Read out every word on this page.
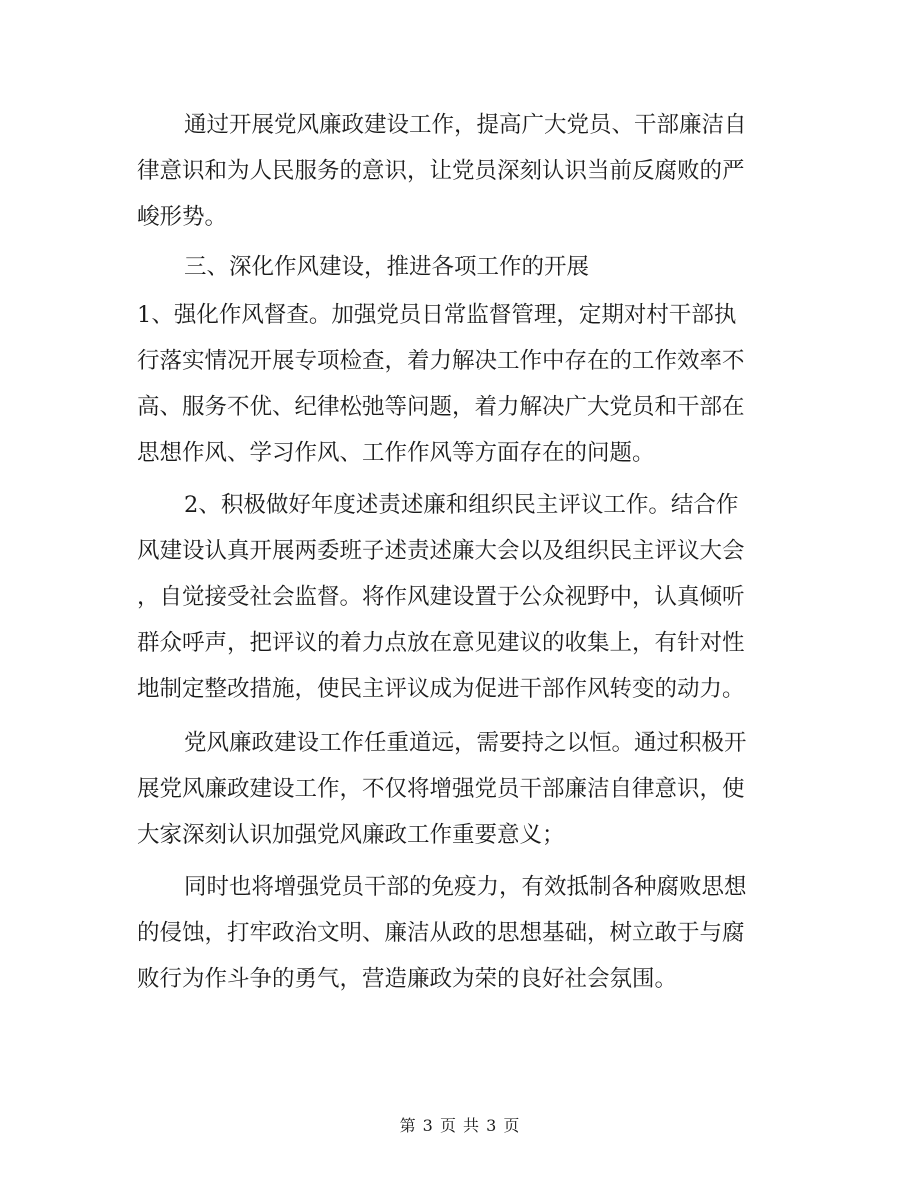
通过开展党风廉政建设工作，提高广大党员、干部廉洁自
律意识和为人民服务的意识，让党员深刻认识当前反腐败的严
峻形势。
三、深化作风建设，推进各项工作的开展
1、强化作风督查。加强党员日常监督管理，定期对村干部执
行落实情况开展专项检查，着力解决工作中存在的工作效率不
高、服务不优、纪律松弛等问题，着力解决广大党员和干部在
思想作风、学习作风、工作作风等方面存在的问题。
2、积极做好年度述责述廉和组织民主评议工作。结合作
风建设认真开展两委班子述责述廉大会以及组织民主评议大会
，自觉接受社会监督。将作风建设置于公众视野中，认真倾听
群众呼声，把评议的着力点放在意见建议的收集上，有针对性
地制定整改措施，使民主评议成为促进干部作风转变的动力。
党风廉政建设工作任重道远，需要持之以恒。通过积极开
展党风廉政建设工作，不仅将增强党员干部廉洁自律意识，使
大家深刻认识加强党风廉政工作重要意义；
同时也将增强党员干部的免疫力，有效抵制各种腐败思想
的侵蚀，打牢政治文明、廉洁从政的思想基础，树立敢于与腐
败行为作斗争的勇气，营造廉政为荣的良好社会氛围。
第 3 页 共 3 页
